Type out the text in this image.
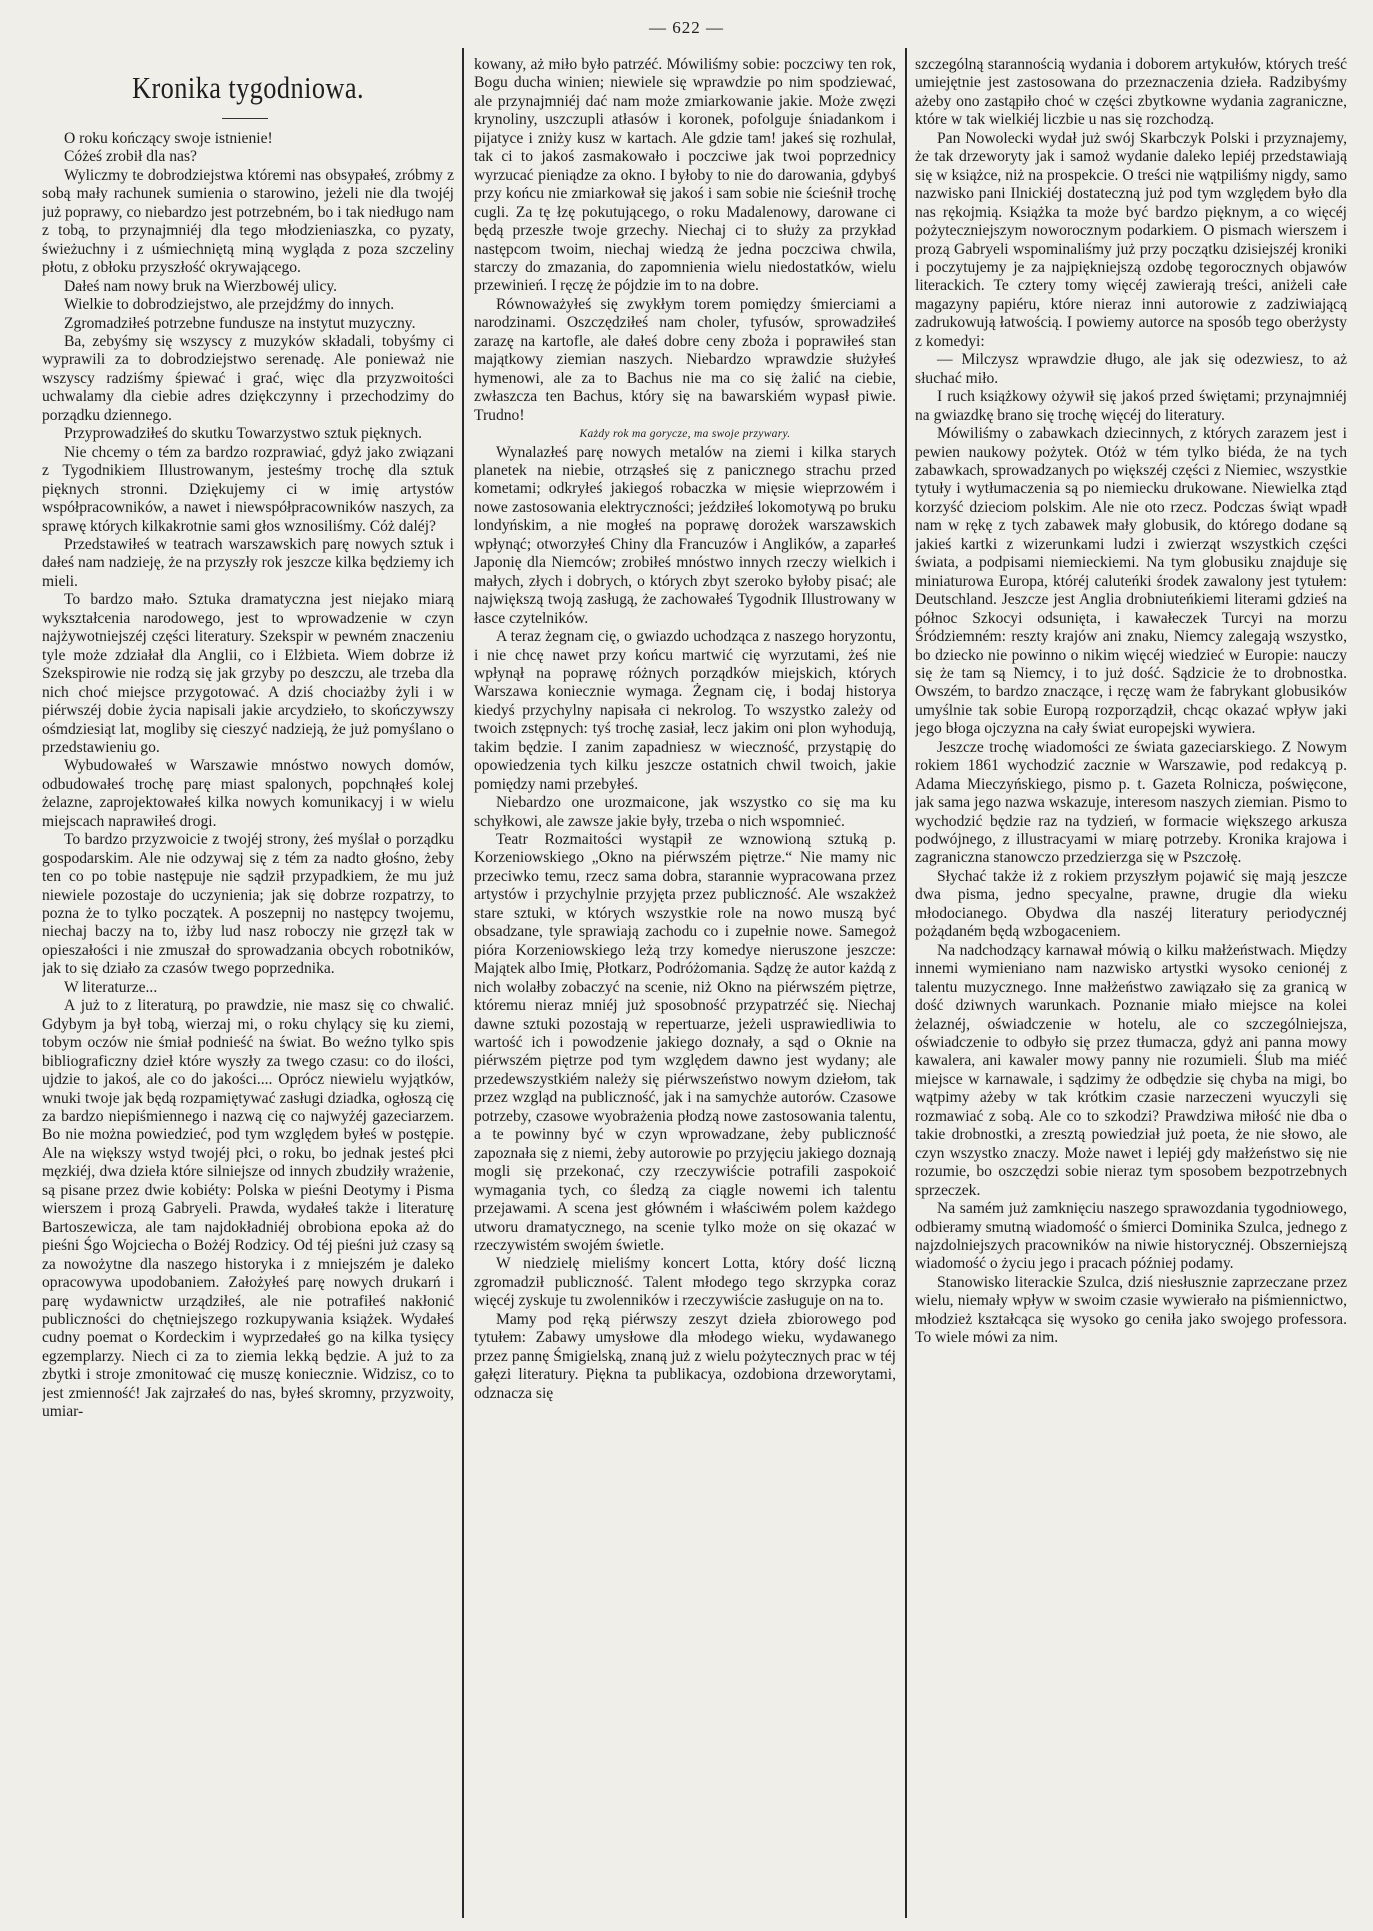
— 622 —
Kronika tygodniowa.

O roku kończący swoje istnienie!

Cóżeś zrobił dla nas?

Wyliczmy te dobrodziejstwa któremi nas obsypałeś, zróbmy z sobą mały rachunek sumienia o starowino, jeżeli nie dla twojéj już poprawy, co niebardzo jest potrzebném, bo i tak niedługo nam z tobą, to przynajmniéj dla tego młodzieniaszka, co pyzaty, świeżuchny i z uśmiechniętą miną wygląda z poza szczeliny płotu, z obłoku przyszłość okrywającego.

Dałeś nam nowy bruk na Wierzbowéj ulicy.

Wielkie to dobrodziejstwo, ale przejdźmy do innych.

Zgromadziłeś potrzebne fundusze na instytut muzyczny.

Ba, zebyśmy się wszyscy z muzyków składali, tobyśmy ci wyprawili za to dobrodziejstwo serenadę. Ale ponieważ nie wszyscy radziśmy śpiewać i grać, więc dla przyzwoitości uchwalamy dla ciebie adres dziękczynny i przechodzimy do porządku dziennego.

Przyprowadziłeś do skutku Towarzystwo sztuk pięknych.

Nie chcemy o tém za bardzo rozprawiać, gdyż jako związani z Tygodnikiem Illustrowanym, jesteśmy trochę dla sztuk pięknych stronni. Dziękujemy ci w imię artystów współpracowników, a nawet i niewspółpracowników naszych, za sprawę których kilkakrotnie sami głos wznosiliśmy. Cóż daléj?

Przedstawiłeś w teatrach warszawskich parę nowych sztuk i dałeś nam nadzieję, że na przyszły rok jeszcze kilka będziemy ich mieli.

To bardzo mało. Sztuka dramatyczna jest niejako miarą wykształcenia narodowego, jest to wprowadzenie w czyn najżywotniejszéj części literatury. Szekspir w pewném znaczeniu tyle może zdziałał dla Anglii, co i Elżbieta. Wiem dobrze iż Szekspirowie nie rodzą się jak grzyby po deszczu, ale trzeba dla nich choć miejsce przygotować. A dziś chociażby żyli i w piérwszéj dobie życia napisali jakie arcydzieło, to skończywszy ośmdziesiąt lat, mogliby się cieszyć nadzieją, że już pomyślano o przedstawieniu go.

Wybudowałeś w Warszawie mnóstwo nowych domów, odbudowałeś trochę parę miast spalonych, popchnąłeś kolej żelazne, zaprojektowałeś kilka nowych komunikacyj i w wielu miejscach naprawiłeś drogi.

To bardzo przyzwoicie z twojéj strony, żeś myślał o porządku gospodarskim. Ale nie odzywaj się z tém za nadto głośno, żeby ten co po tobie następuje nie sądził przypadkiem, że mu już niewiele pozostaje do uczynienia; jak się dobrze rozpatrzy, to pozna że to tylko początek. A poszepnij no następcy twojemu, niechaj baczy na to, iżby lud nasz roboczy nie grzęzł tak w opieszałości i nie zmuszał do sprowadzania obcych robotników, jak to się działo za czasów twego poprzednika.

W literaturze...

A już to z literaturą, po prawdzie, nie masz się co chwalić. Gdybym ja był tobą, wierzaj mi, o roku chylący się ku ziemi, tobym oczów nie śmiał podnieść na świat. Bo weźno tylko spis bibliograficzny dzieł które wyszły za twego czasu: co do ilości, ujdzie to jakoś, ale co do jakości.... Oprócz niewielu wyjątków, wnuki twoje jak będą rozpamiętywać zasługi dziadka, ogłoszą cię za bardzo niepiśmiennego i nazwą cię co najwyżéj gazeciarzem. Bo nie można powiedzieć, pod tym względem byłeś w postępie. Ale na większy wstyd twojéj płci, o roku, bo jednak jesteś płci męzkiéj, dwa dzieła które silniejsze od innych zbudziły wrażenie, są pisane przez dwie kobiéty: Polska w pieśni Deotymy i Pisma wierszem i prozą Gabryeli. Prawda, wydałeś także i literaturę Bartoszewicza, ale tam najdokładniéj obrobiona epoka aż do pieśni Śgo Wojciecha o Bożéj Rodzicy. Od téj pieśni już czasy są za nowożytne dla naszego historyka i z mniejszém je daleko opracowywa upodobaniem. Założyłeś parę nowych drukarń i parę wydawnictw urządziłeś, ale nie potrafiłeś nakłonić publiczności do chętniejszego rozkupywania książek. Wydałeś cudny poemat o Kordeckim i wyprzedałeś go na kilka tysięcy egzemplarzy. Niech ci za to ziemia lekką będzie. A już to za zbytki i stroje zmonitować cię muszę koniecznie. Widzisz, co to jest zmienność! Jak zajrzałeś do nas, byłeś skromny, przyzwoity, umiar-

kowany, aż miło było patrzéć. Mówiliśmy sobie: poczciwy ten rok, Bogu ducha winien; niewiele się wprawdzie po nim spodziewać, ale przynajmniéj dać nam może zmiarkowanie jakie. Może zwęzi krynoliny, uszczupli atłasów i koronek, pofolguje śniadankom i pijatyce i zniży kusz w kartach. Ale gdzie tam! jakeś się rozhulał, tak ci to jakoś zasmakowało i poczciwe jak twoi poprzednicy wyrzucać pieniądze za okno. I byłoby to nie do darowania, gdybyś przy końcu nie zmiarkował się jakoś i sam sobie nie ścieśnił trochę cugli. Za tę łzę pokutującego, o roku Madalenowy, darowane ci będą przeszłe twoje grzechy. Niechaj ci to służy za przykład następcom twoim, niechaj wiedzą że jedna poczciwa chwila, starczy do zmazania, do zapomnienia wielu niedostatków, wielu przewinień. I ręczę że pójdzie im to na dobre.

Równoważyłeś się zwykłym torem pomiędzy śmierciami a narodzinami. Oszczędziłeś nam choler, tyfusów, sprowadziłeś zarazę na kartofle, ale dałeś dobre ceny zboża i poprawiłeś stan majątkowy ziemian naszych. Niebardzo wprawdzie służyłeś hymenowi, ale za to Bachus nie ma co się żalić na ciebie, zwłaszcza ten Bachus, który się na bawarskiém wypasł piwie. Trudno!

Każdy rok ma gorycze, ma swoje przywary.

Wynalazłeś parę nowych metalów na ziemi i kilka starych planetek na niebie, otrząsłeś się z panicznego strachu przed kometami; odkryłeś jakiegoś robaczka w mięsie wieprzowém i nowe zastosowania elektryczności; jeździłeś lokomotywą po bruku londyńskim, a nie mogłeś na poprawę dorożek warszawskich wpłynąć; otworzyłeś Chiny dla Francuzów i Anglików, a zaparłeś Japonię dla Niemców; zrobiłeś mnóstwo innych rzeczy wielkich i małych, złych i dobrych, o których zbyt szeroko byłoby pisać; ale największą twoją zasługą, że zachowałeś Tygodnik Illustrowany w łasce czytelników.

A teraz żegnam cię, o gwiazdo uchodząca z naszego horyzontu, i nie chcę nawet przy końcu martwić cię wyrzutami, żeś nie wpłynął na poprawę różnych porządków miejskich, których Warszawa koniecznie wymaga. Żegnam cię, i bodaj historya kiedyś przychylny napisała ci nekrolog. To wszystko zależy od twoich zstępnych: tyś trochę zasiał, lecz jakim oni plon wyhodują, takim będzie. I zanim zapadniesz w wieczność, przystąpię do opowiedzenia tych kilku jeszcze ostatnich chwil twoich, jakie pomiędzy nami przebyłeś.

Niebardzo one urozmaicone, jak wszystko co się ma ku schyłkowi, ale zawsze jakie były, trzeba o nich wspomnieć.

Teatr Rozmaitości wystąpił ze wznowioną sztuką p. Korzeniowskiego „Okno na piérwszém piętrze.“ Nie mamy nic przeciwko temu, rzecz sama dobra, starannie wypracowana przez artystów i przychylnie przyjęta przez publiczność. Ale wszakżeż stare sztuki, w których wszystkie role na nowo muszą być obsadzane, tyle sprawiają zachodu co i zupełnie nowe. Samegoż pióra Korzeniowskiego leżą trzy komedye nieruszone jeszcze: Majątek albo Imię, Płotkarz, Podróżomania. Sądzę że autor każdą z nich wolałby zobaczyć na scenie, niż Okno na piérwszém piętrze, któremu nieraz mniéj już sposobność przypatrzéć się. Niechaj dawne sztuki pozostają w repertuarze, jeżeli usprawiedliwia to wartość ich i powodzenie jakiego doznały, a sąd o Oknie na piérwszém piętrze pod tym względem dawno jest wydany; ale przedewszystkiém należy się piérwszeństwo nowym dziełom, tak przez wzgląd na publiczność, jak i na samychże autorów. Czasowe potrzeby, czasowe wyobrażenia płodzą nowe zastosowania talentu, a te powinny być w czyn wprowadzane, żeby publiczność zapoznała się z niemi, żeby autorowie po przyjęciu jakiego doznają mogli się przekonać, czy rzeczywiście potrafili zaspokoić wymagania tych, co śledzą za ciągle nowemi ich talentu przejawami. A scena jest główném i właściwém polem każdego utworu dramatycznego, na scenie tylko może on się okazać w rzeczywistém swojém świetle.

W niedzielę mieliśmy koncert Lotta, który dość liczną zgromadził publiczność. Talent młodego tego skrzypka coraz więcéj zyskuje tu zwolenników i rzeczywiście zasługuje on na to.

Mamy pod ręką piérwszy zeszyt dzieła zbiorowego pod tytułem: Zabawy umysłowe dla młodego wieku, wydawanego przez pannę Śmigielską, znaną już z wielu pożytecznych prac w téj gałęzi literatury. Piękna ta publikacya, ozdobiona drzeworytami, odznacza się

szczególną starannością wydania i doborem artykułów, których treść umiejętnie jest zastosowana do przeznaczenia dzieła. Radzibyśmy ażeby ono zastąpiło choć w części zbytkowne wydania zagraniczne, które w tak wielkiéj liczbie u nas się rozchodzą.

Pan Nowolecki wydał już swój Skarbczyk Polski i przyznajemy, że tak drzeworyty jak i samoż wydanie daleko lepiéj przedstawiają się w książce, niż na prospekcie. O treści nie wątpiliśmy nigdy, samo nazwisko pani Ilnickiéj dostateczną już pod tym względem było dla nas rękojmią. Książka ta może być bardzo pięknym, a co więcéj pożyteczniejszym noworocznym podarkiem. O pismach wierszem i prozą Gabryeli wspominaliśmy już przy początku dzisiejszéj kroniki i poczytujemy je za najpiękniejszą ozdobę tegorocznych objawów literackich. Te cztery tomy więcéj zawierają treści, aniżeli całe magazyny papiéru, które nieraz inni autorowie z zadziwiającą zadrukowują łatwością. I powiemy autorce na sposób tego oberżysty z komedyi:

— Milczysz wprawdzie długo, ale jak się odezwiesz, to aż słuchać miło.

I ruch książkowy ożywił się jakoś przed świętami; przynajmniéj na gwiazdkę brano się trochę więcéj do literatury.

Mówiliśmy o zabawkach dziecinnych, z których zarazem jest i pewien naukowy pożytek. Otóż w tém tylko biéda, że na tych zabawkach, sprowadzanych po większéj części z Niemiec, wszystkie tytuły i wytłumaczenia są po niemiecku drukowane. Niewielka ztąd korzyść dzieciom polskim. Ale nie oto rzecz. Podczas świąt wpadł nam w rękę z tych zabawek mały globusik, do którego dodane są jakieś kartki z wizerunkami ludzi i zwierząt wszystkich części świata, a podpisami niemieckiemi. Na tym globusiku znajduje się miniaturowa Europa, któréj caluteńki środek zawalony jest tytułem: Deutschland. Jeszcze jest Anglia drobniuteńkiemi literami gdzieś na północ Szkocyi odsunięta, i kawałeczek Turcyi na morzu Śródziemném: reszty krajów ani znaku, Niemcy zalegają wszystko, bo dziecko nie powinno o nikim więcéj wiedzieć w Europie: nauczy się że tam są Niemcy, i to już dość. Sądzicie że to drobnostka. Owszém, to bardzo znaczące, i ręczę wam że fabrykant globusików umyślnie tak sobie Europą rozporządził, chcąc okazać wpływ jaki jego błoga ojczyzna na cały świat europejski wywiera.

Jeszcze trochę wiadomości ze świata gazeciarskiego. Z Nowym rokiem 1861 wychodzić zacznie w Warszawie, pod redakcyą p. Adama Mieczyńskiego, pismo p. t. Gazeta Rolnicza, poświęcone, jak sama jego nazwa wskazuje, interesom naszych ziemian. Pismo to wychodzić będzie raz na tydzień, w formacie większego arkusza podwójnego, z illustracyami w miarę potrzeby. Kronika krajowa i zagraniczna stanowczo przedzierzga się w Pszczołę.

Słychać także iż z rokiem przyszłym pojawić się mają jeszcze dwa pisma, jedno specyalne, prawne, drugie dla wieku młodocianego. Obydwa dla naszéj literatury periodycznéj pożądaném będą wzbogaceniem.

Na nadchodzący karnawał mówią o kilku małżeństwach. Między innemi wymieniano nam nazwisko artystki wysoko cenionéj z talentu muzycznego. Inne małżeństwo zawiązało się za granicą w dość dziwnych warunkach. Poznanie miało miejsce na kolei żelaznéj, oświadczenie w hotelu, ale co szczególniejsza, oświadczenie to odbyło się przez tłumacza, gdyż ani panna mowy kawalera, ani kawaler mowy panny nie rozumieli. Ślub ma miéć miejsce w karnawale, i sądzimy że odbędzie się chyba na migi, bo wątpimy ażeby w tak krótkim czasie narzeczeni wyuczyli się rozmawiać z sobą. Ale co to szkodzi? Prawdziwa miłość nie dba o takie drobnostki, a zresztą powiedział już poeta, że nie słowo, ale czyn wszystko znaczy. Może nawet i lepiéj gdy małżeństwo się nie rozumie, bo oszczędzi sobie nieraz tym sposobem bezpotrzebnych sprzeczek.

Na samém już zamknięciu naszego sprawozdania tygodniowego, odbieramy smutną wiadomość o śmierci Dominika Szulca, jednego z najzdolniejszych pracowników na niwie historycznéj. Obszerniejszą wiadomość o życiu jego i pracach później podamy.

Stanowisko literackie Szulca, dziś niesłusznie zaprzeczane przez wielu, niemały wpływ w swoim czasie wywierało na piśmiennictwo, młodzież kształcąca się wysoko go ceniła jako swojego professora. To wiele mówi za nim.
